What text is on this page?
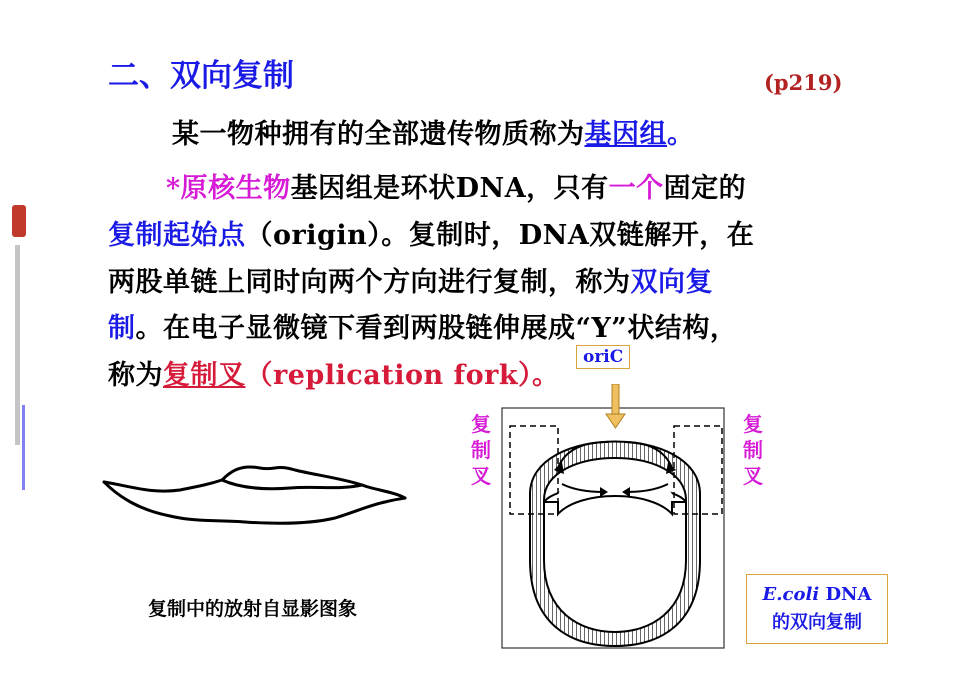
二、双向复制	(p219)
某一物种拥有的全部遗传物质称为基因组。
*原核生物基因组是环状DNA，只有一个固定的
复制起始点（origin）。复制时，DNA双链解开，在
两股单链上同时向两个方向进行复制，称为双向复
制。在电子显微镜下看到两股链伸展成“Y”状结构，
称为复制叉（replication fork）。
oriC
复制中的放射自显影图象
复
制
叉
复
制
叉
E.coli DNA
的双向复制
